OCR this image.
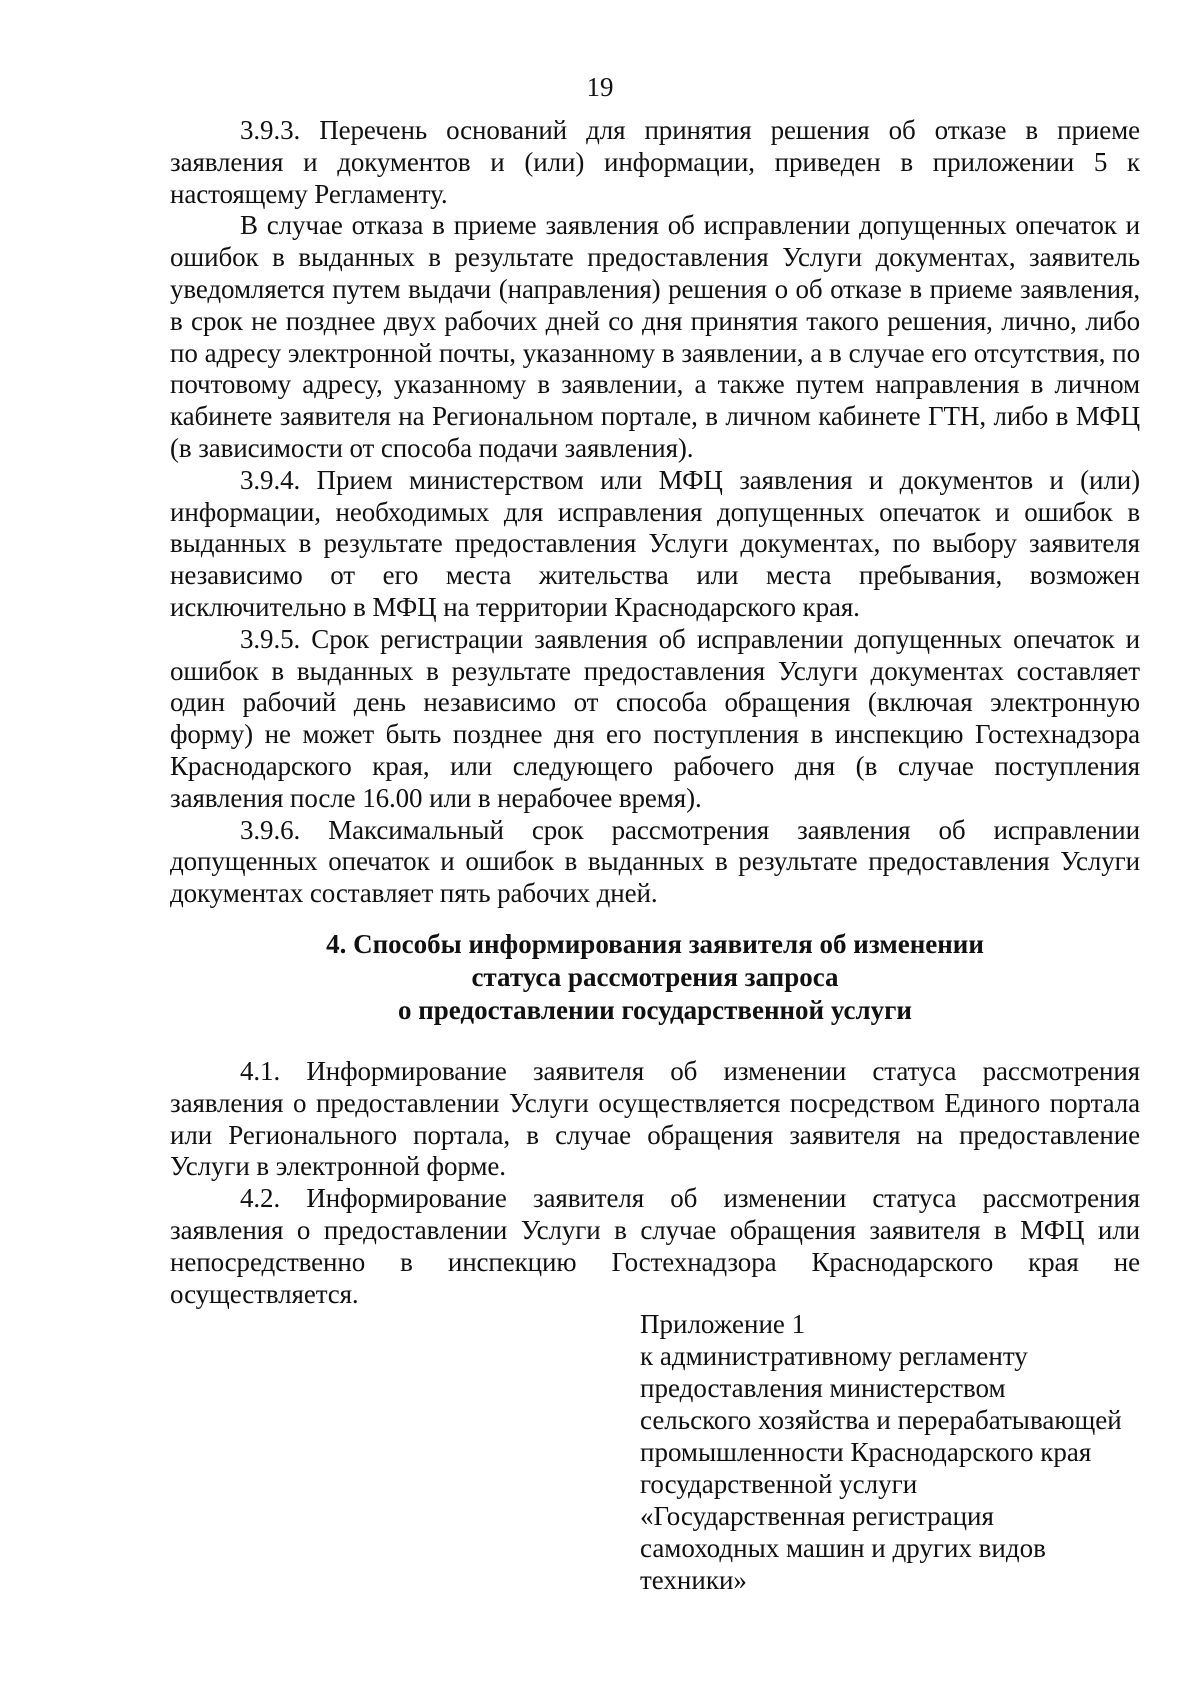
19

3.9.3. Перечень оснований для принятия решения об отказе в приеме заявления и документов и (или) информации, приведен в приложении 5 к настоящему Регламенту.

В случае отказа в приеме заявления об исправлении допущенных опечаток и ошибок в выданных в результате предоставления Услуги документах, заявитель уведомляется путем выдачи (направления) решения о об отказе в приеме заявления, в срок не позднее двух рабочих дней со дня принятия такого решения, лично, либо по адресу электронной почты, указанному в заявлении, а в случае его отсутствия, по почтовому адресу, указанному в заявлении, а также путем направления в личном кабинете заявителя на Региональном портале, в личном кабинете ГТН, либо в МФЦ (в зависимости от способа подачи заявления).

3.9.4. Прием министерством или МФЦ заявления и документов и (или) информации, необходимых для исправления допущенных опечаток и ошибок в выданных в результате предоставления Услуги документах, по выбору заявителя независимо от его места жительства или места пребывания, возможен исключительно в МФЦ на территории Краснодарского края.

3.9.5. Срок регистрации заявления об исправлении допущенных опечаток и ошибок в выданных в результате предоставления Услуги документах составляет один рабочий день независимо от способа обращения (включая электронную форму) не может быть позднее дня его поступления в инспекцию Гостехнадзора Краснодарского края, или следующего рабочего дня (в случае поступления заявления после 16.00 или в нерабочее время).

3.9.6. Максимальный срок рассмотрения заявления об исправлении допущенных опечаток и ошибок в выданных в результате предоставления Услуги документах составляет пять рабочих дней.

4. Способы информирования заявителя об изменении
статуса рассмотрения запроса
о предоставлении государственной услуги

4.1. Информирование заявителя об изменении статуса рассмотрения заявления о предоставлении Услуги осуществляется посредством Единого портала или Регионального портала, в случае обращения заявителя на предоставление Услуги в электронной форме.

4.2. Информирование заявителя об изменении статуса рассмотрения заявления о предоставлении Услуги в случае обращения заявителя в МФЦ или непосредственно в инспекцию Гостехнадзора Краснодарского края не осуществляется.

Приложение 1
к административному регламенту
предоставления министерством
сельского хозяйства и перерабатывающей
промышленности Краснодарского края
государственной услуги
«Государственная регистрация
самоходных машин и других видов
техники»
